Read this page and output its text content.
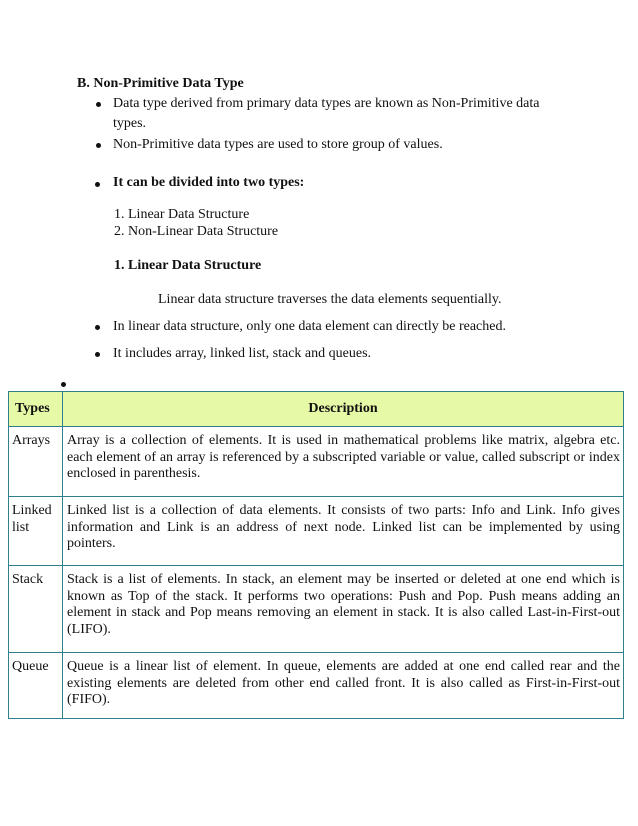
B. Non-Primitive Data Type
Data type derived from primary data types are known as Non-Primitive data
types.
Non-Primitive data types are used to store group of values.
It can be divided into two types:
1. Linear Data Structure
2. Non-Linear Data Structure
1. Linear Data Structure
Linear data structure traverses the data elements sequentially.
In linear data structure, only one data element can directly be reached.
It includes array, linked list, stack and queues.
Types	Description
Arrays	Array is a collection of elements. It is used in mathematical problems like matrix, algebra etc. each element of an array is referenced by a subscripted variable or value, called subscript or index enclosed in parenthesis.
Linked list	Linked list is a collection of data elements. It consists of two parts: Info and Link. Info gives information and Link is an address of next node. Linked list can be implemented by using pointers.
Stack	Stack is a list of elements. In stack, an element may be inserted or deleted at one end which is known as Top of the stack. It performs two operations: Push and Pop. Push means adding an element in stack and Pop means removing an element in stack. It is also called Last-in-First-out (LIFO).
Queue	Queue is a linear list of element. In queue, elements are added at one end called rear and the existing elements are deleted from other end called front. It is also called as First-in-First-out (FIFO).
